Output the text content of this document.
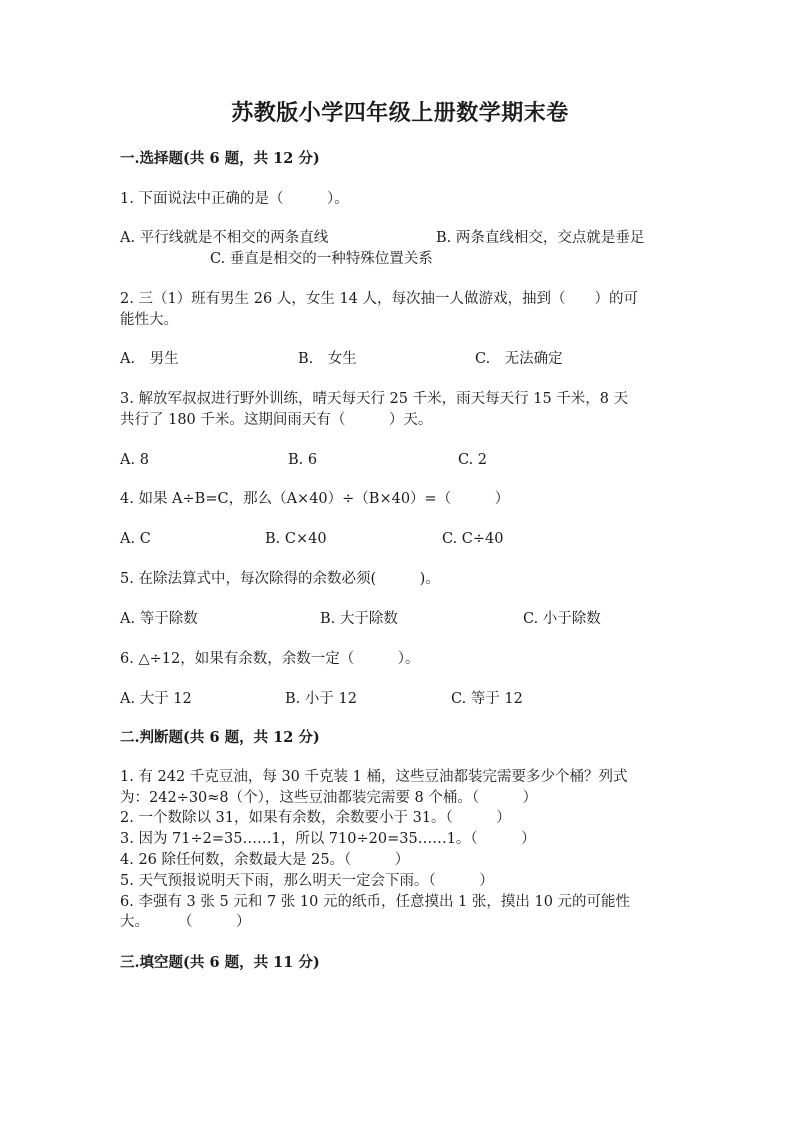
苏教版小学四年级上册数学期末卷
一.选择题(共 6 题，共 12 分)
1. 下面说法中正确的是（　　　）。
A. 平行线就是不相交的两条直线	B. 两条直线相交，交点就是垂足
C. 垂直是相交的一种特殊位置关系
2. 三（1）班有男生 26 人，女生 14 人，每次抽一人做游戏，抽到（　　）的可
能性大。
A.　男生	B.　女生	C.　无法确定
3. 解放军叔叔进行野外训练，晴天每天行 25 千米，雨天每天行 15 千米，8 天
共行了 180 千米。这期间雨天有（　　　）天。
A. 8	B. 6	C. 2
4. 如果 A÷B=C，那么（A×40）÷（B×40）=（　　　）
A. C	B. C×40	C. C÷40
5. 在除法算式中，每次除得的余数必须(　　　)。
A. 等于除数	B. 大于除数	C. 小于除数
6. △÷12，如果有余数，余数一定（　　　）。
A. 大于 12	B. 小于 12	C. 等于 12
二.判断题(共 6 题，共 12 分)
1. 有 242 千克豆油，每 30 千克装 1 桶，这些豆油都装完需要多少个桶？列式
为：242÷30≈8（个），这些豆油都装完需要 8 个桶。（　　　）
2. 一个数除以 31，如果有余数，余数要小于 31。（　　　）
3. 因为 71÷2=35……1，所以 710÷20=35……1。（　　　）
4. 26 除任何数，余数最大是 25。（　　　）
5. 天气预报说明天下雨，那么明天一定会下雨。（　　　）
6. 李强有 3 张 5 元和 7 张 10 元的纸币，任意摸出 1 张，摸出 10 元的可能性
大。　　　（　　　）
三.填空题(共 6 题，共 11 分)
